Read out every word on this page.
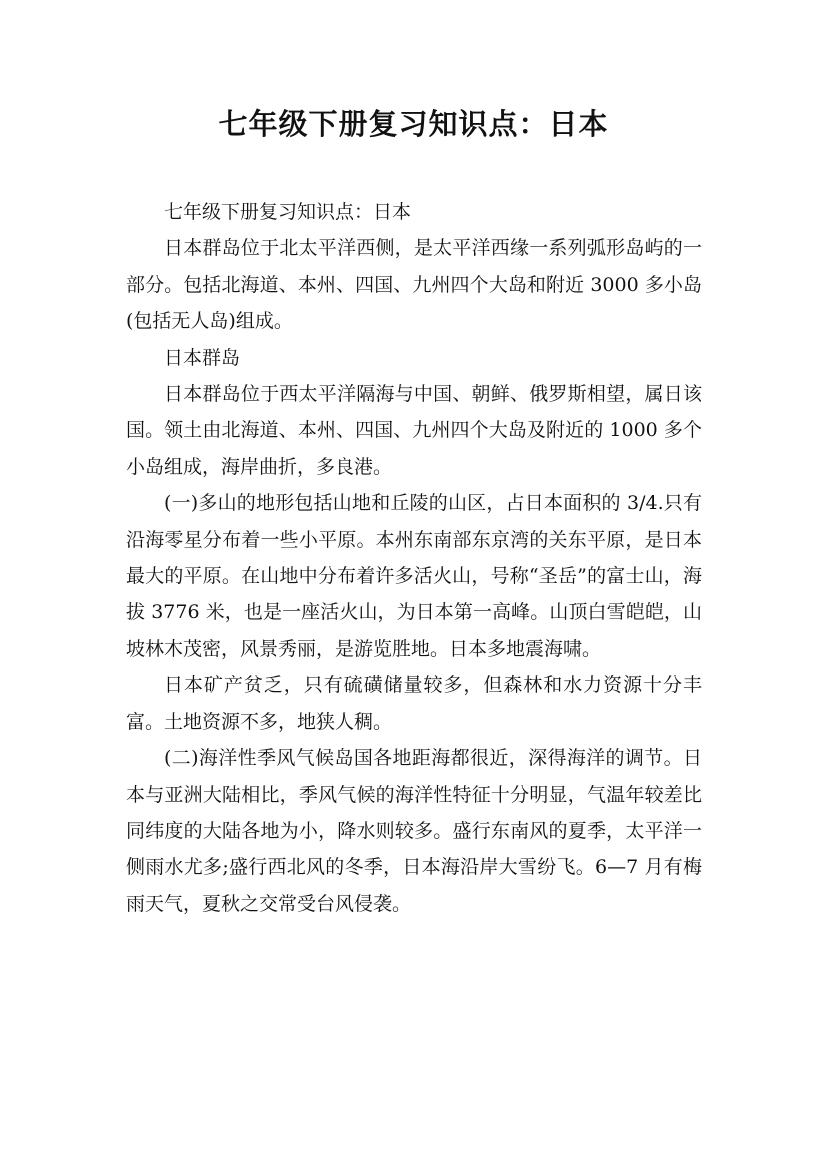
七年级下册复习知识点：日本

七年级下册复习知识点：日本

日本群岛位于北太平洋西侧，是太平洋西缘一系列弧形岛屿的一部分。包括北海道、本州、四国、九州四个大岛和附近 3000 多小岛(包括无人岛)组成。

日本群岛

日本群岛位于西太平洋隔海与中国、朝鲜、俄罗斯相望，属日该国。领土由北海道、本州、四国、九州四个大岛及附近的 1000 多个小岛组成，海岸曲折，多良港。

(一)多山的地形包括山地和丘陵的山区，占日本面积的 3/4.只有沿海零星分布着一些小平原。本州东南部东京湾的关东平原，是日本最大的平原。在山地中分布着许多活火山，号称“圣岳”的富士山，海拔 3776 米，也是一座活火山，为日本第一高峰。山顶白雪皑皑，山坡林木茂密，风景秀丽，是游览胜地。日本多地震海啸。

日本矿产贫乏，只有硫磺储量较多，但森林和水力资源十分丰富。土地资源不多，地狭人稠。

(二)海洋性季风气候岛国各地距海都很近，深得海洋的调节。日本与亚洲大陆相比，季风气候的海洋性特征十分明显，气温年较差比同纬度的大陆各地为小，降水则较多。盛行东南风的夏季，太平洋一侧雨水尤多;盛行西北风的冬季，日本海沿岸大雪纷飞。6—7 月有梅雨天气，夏秋之交常受台风侵袭。
